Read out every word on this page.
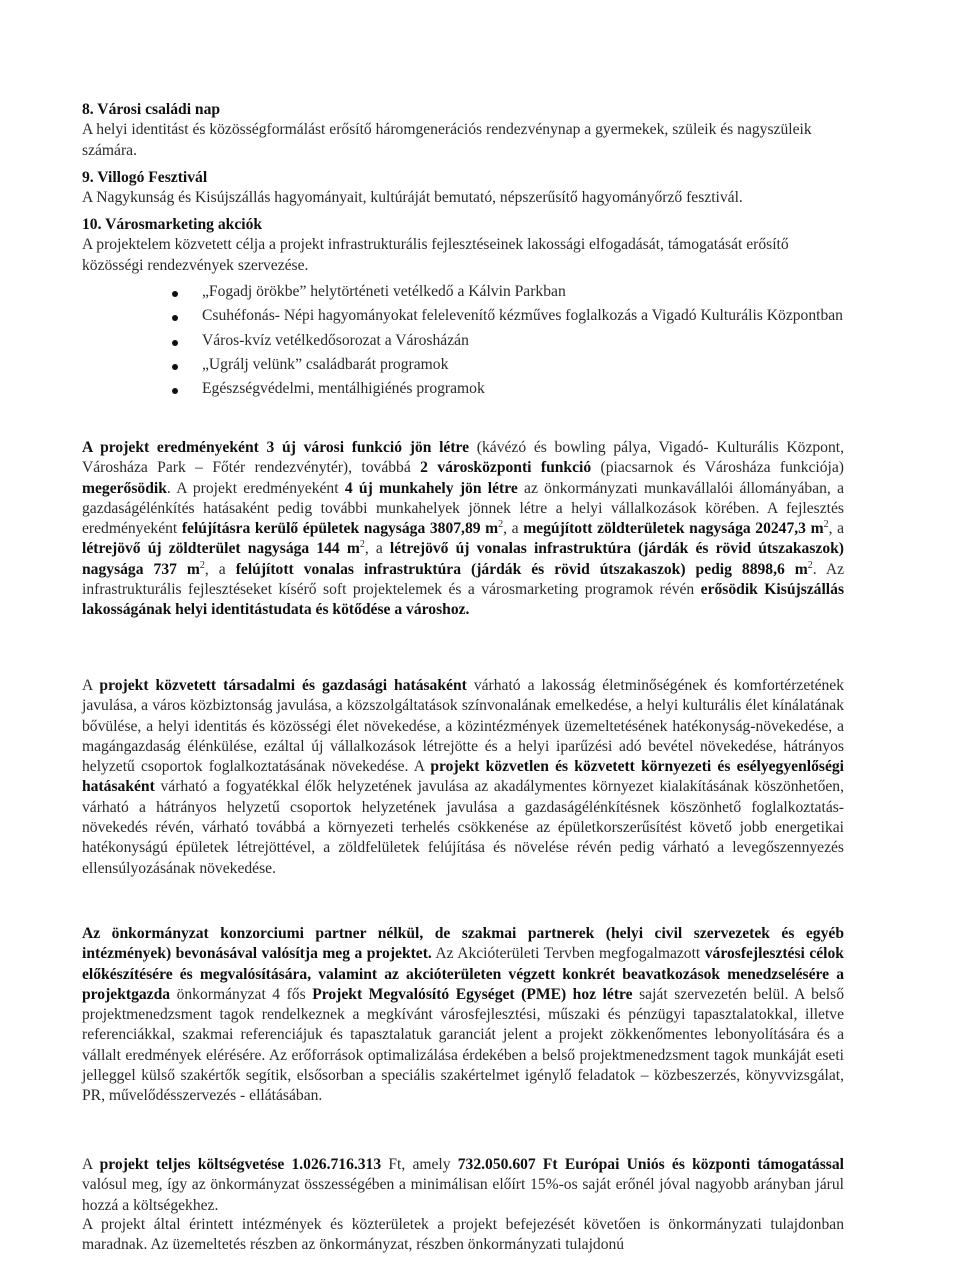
8. Városi családi nap
A helyi identitást és közösségformálást erősítő háromgenerációs rendezvénynap a gyermekek, szüleik és nagyszüleik számára.
9. Villogó Fesztivál
A Nagykunság és Kisújszállás hagyományait, kultúráját bemutató, népszerűsítő hagyományőrző fesztivál.
10. Városmarketing akciók
A projektelem közvetett célja a projekt infrastrukturális fejlesztéseinek lakossági elfogadását, támogatását erősítő közösségi rendezvények szervezése.
„Fogadj örökbe” helytörténeti vetélkedő a Kálvin Parkban
Csuhéfonás- Népi hagyományokat felelevenítő kézműves foglalkozás a Vigadó Kulturális Központban
Város-kvíz vetélkedősorozat a Városházán
„Ugrálj velünk” családbarát programok
Egészségvédelmi, mentálhigiénés programok

A projekt eredményeként 3 új városi funkció jön létre (kávézó és bowling pálya, Vigadó- Kulturális Központ, Városháza Park – Főtér rendezvénytér), továbbá 2 városközponti funkció (piacsarnok és Városháza funkciója) megerősödik. A projekt eredményeként 4 új munkahely jön létre az önkormányzati munkavállalói állományában, a gazdaságélénkítés hatásaként pedig további munkahelyek jönnek létre a helyi vállalkozások körében. A fejlesztés eredményeként felújításra kerülő épületek nagysága 3807,89 $m^2$, a megújított zöldterületek nagysága 20247,3 $m^2$, a létrejövő új zöldterület nagysága 144 $m^2$, a létrejövő új vonalas infrastruktúra (járdák és rövid útszakaszok) nagysága 737 $m^2$, a felújított vonalas infrastruktúra (járdák és rövid útszakaszok) pedig 8898,6 $m^2$. Az infrastrukturális fejlesztéseket kísérő soft projektelemek és a városmarketing programok révén erősödik Kisújszállás lakosságának helyi identitástudata és kötődése a városhoz.

A projekt közvetett társadalmi és gazdasági hatásaként várható a lakosság életminőségének és komfortérzetének javulása, a város közbiztonság javulása, a közszolgáltatások színvonalának emelkedése, a helyi kulturális élet kínálatának bővülése, a helyi identitás és közösségi élet növekedése, a közintézmények üzemeltetésének hatékonyság-növekedése, a magángazdaság élénkülése, ezáltal új vállalkozások létrejötte és a helyi iparűzési adó bevétel növekedése, hátrányos helyzetű csoportok foglalkoztatásának növekedése. A projekt közvetlen és közvetett környezeti és esélyegyenlőségi hatásaként várható a fogyatékkal élők helyzetének javulása az akadálymentes környezet kialakításának köszönhetően, várható a hátrányos helyzetű csoportok helyzetének javulása a gazdaságélénkítésnek köszönhető foglalkoztatás-növekedés révén, várható továbbá a környezeti terhelés csökkenése az épületkorszerűsítést követő jobb energetikai hatékonyságú épületek létrejöttével, a zöldfelületek felújítása és növelése révén pedig várható a levegőszennyezés ellensúlyozásának növekedése.

Az önkormányzat konzorciumi partner nélkül, de szakmai partnerek (helyi civil szervezetek és egyéb intézmények) bevonásával valósítja meg a projektet. Az Akcióterületi Tervben megfogalmazott városfejlesztési célok előkészítésére és megvalósítására, valamint az akcióterületen végzett konkrét beavatkozások menedzselésére a projektgazda önkormányzat 4 fős Projekt Megvalósító Egységet (PME) hoz létre saját szervezetén belül. A belső projektmenedzsment tagok rendelkeznek a megkívánt városfejlesztési, műszaki és pénzügyi tapasztalatokkal, illetve referenciákkal, szakmai referenciájuk és tapasztalatuk garanciát jelent a projekt zökkenőmentes lebonyolítására és a vállalt eredmények elérésére. Az erőforrások optimalizálása érdekében a belső projektmenedzsment tagok munkáját eseti jelleggel külső szakértők segítik, elsősorban a speciális szakértelmet igénylő feladatok – közbeszerzés, könyvvizsgálat, PR, művelődésszervezés - ellátásában.

A projekt teljes költségvetése 1.026.716.313 Ft, amely 732.050.607 Ft Európai Uniós és központi támogatással valósul meg, így az önkormányzat összességében a minimálisan előírt 15%-os saját erőnél jóval nagyobb arányban járul hozzá a költségekhez.

A projekt által érintett intézmények és közterületek a projekt befejezését követően is önkormányzati tulajdonban maradnak. Az üzemeltetés részben az önkormányzat, részben önkormányzati tulajdonú
